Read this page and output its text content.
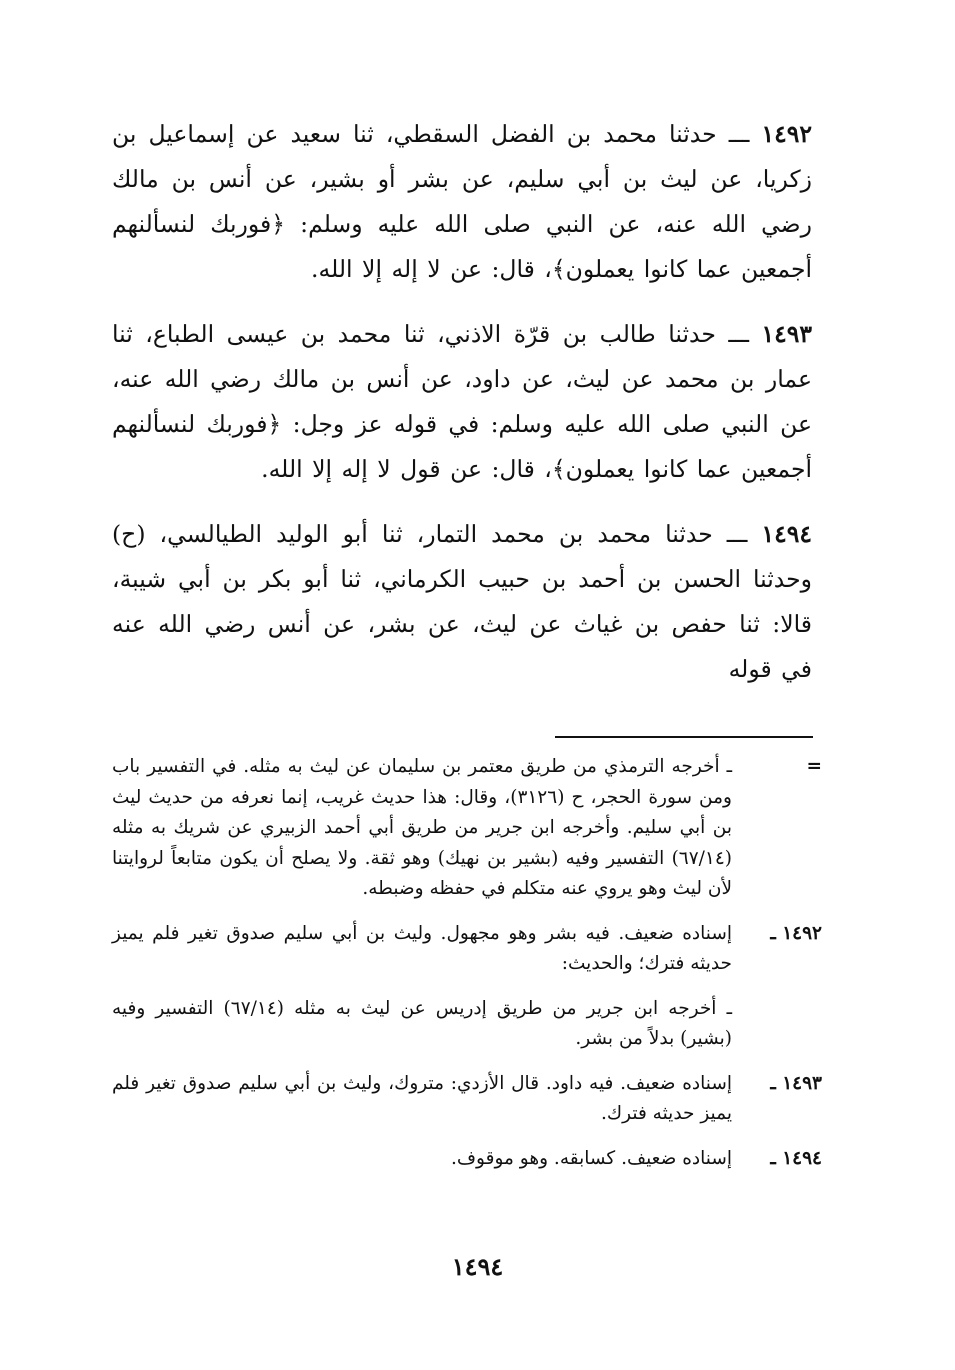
١٤٩٢ ـــ حدثنا محمد بن الفضل السقطي، ثنا سعيد عن إسماعيل بن زكريا، عن ليث بن أبي سليم، عن بشر أو بشير، عن أنس بن مالك رضي الله عنه، عن النبي صلى الله عليه وسلم: ﴿فوربك لنسألنهم أجمعين عما كانوا يعملون﴾، قال: عن لا إله إلا الله.

١٤٩٣ ـــ حدثنا طالب بن قرّة الاذني، ثنا محمد بن عيسى الطباع، ثنا عمار بن محمد عن ليث، عن داود، عن أنس بن مالك رضي الله عنه، عن النبي صلى الله عليه وسلم: في قوله عز وجل: ﴿فوربك لنسألنهم أجمعين عما كانوا يعملون﴾، قال: عن قول لا إله إلا الله.

١٤٩٤ ـــ حدثنا محمد بن محمد التمار، ثنا أبو الوليد الطيالسي، (ح) وحدثنا الحسن بن أحمد بن حبيب الكرماني، ثنا أبو بكر بن أبي شيبة، قالا: ثنا حفص بن غياث عن ليث، عن بشر، عن أنس رضي الله عنه في قوله

=
ـ أخرجه الترمذي من طريق معتمر بن سليمان عن ليث به مثله. في التفسير باب ومن سورة الحجر، ح (٣١٢٦)، وقال: هذا حديث غريب، إنما نعرفه من حديث ليث بن أبي سليم. وأخرجه ابن جرير من طريق أبي أحمد الزبيري عن شريك به مثله (٦٧/١٤) التفسير وفيه (بشير بن نهيك) وهو ثقة. ولا يصلح أن يكون متابعاً لروايتنا لأن ليث وهو يروي عنه متكلم في حفظه وضبطه.
١٤٩٢ ـ
إسناده ضعيف. فيه بشر وهو مجهول. وليث بن أبي سليم صدوق تغير فلم يميز حديثه فترك؛ والحديث:
ـ أخرجه ابن جرير من طريق إدريس عن ليث به مثله (٦٧/١٤) التفسير وفيه (بشير) بدلاً من بشر.
١٤٩٣ ـ
إسناده ضعيف. فيه داود. قال الأزدي: متروك، وليث بن أبي سليم صدوق تغير فلم يميز حديثه فترك.
١٤٩٤ ـ
إسناده ضعيف. كسابقه. وهو موقوف.
١٤٩٤
